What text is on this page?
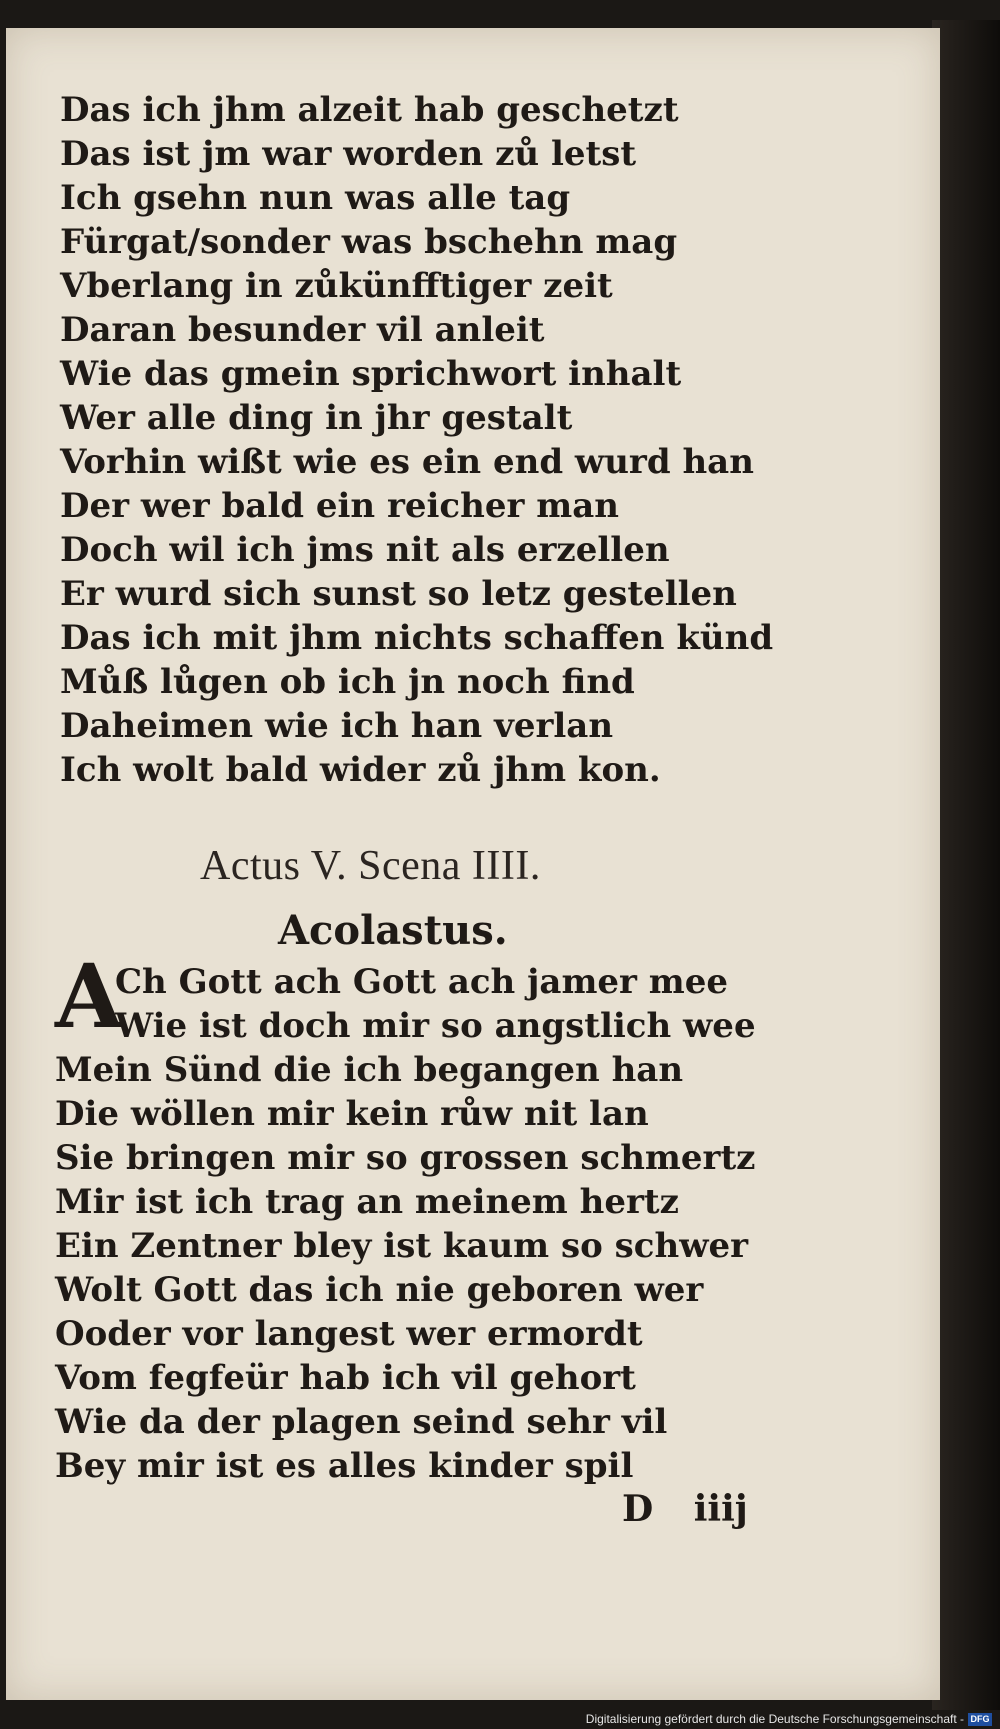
Das ich jhm alzeit hab geschetzt
Das ist jm war worden zů letst
Ich gsehn nun was alle tag
Fürgat/sonder was bschehn mag
Vberlang in zůkünfftiger zeit
Daran besunder vil anleit
Wie das gmein sprichwort inhalt
Wer alle ding in jhr gestalt
Vorhin wißt wie es ein end wurd han
Der wer bald ein reicher man
Doch wil ich jms nit als erzellen
Er wurd sich sunst so letz gestellen
Das ich mit jhm nichts schaffen künd
Můß lůgen ob ich jn noch find
Daheimen wie ich han verlan
Ich wolt bald wider zů jhm kon.
Actus V. Scena IIII.
Acolastus.
A
Ch Gott ach Gott ach jamer mee
Wie ist doch mir so angstlich wee
Mein Sünd die ich begangen han
Die wöllen mir kein růw nit lan
Sie bringen mir so grossen schmertz
Mir ist ich trag an meinem hertz
Ein Zentner bley ist kaum so schwer
Wolt Gott das ich nie geboren wer
Ooder vor langest wer ermordt
Vom fegfeür hab ich vil gehort
Wie da der plagen seind sehr vil
Bey mir ist es alles kinder spil
D iiij
Digitalisierung gefördert durch die Deutsche Forschungsgemeinschaft - DFG
